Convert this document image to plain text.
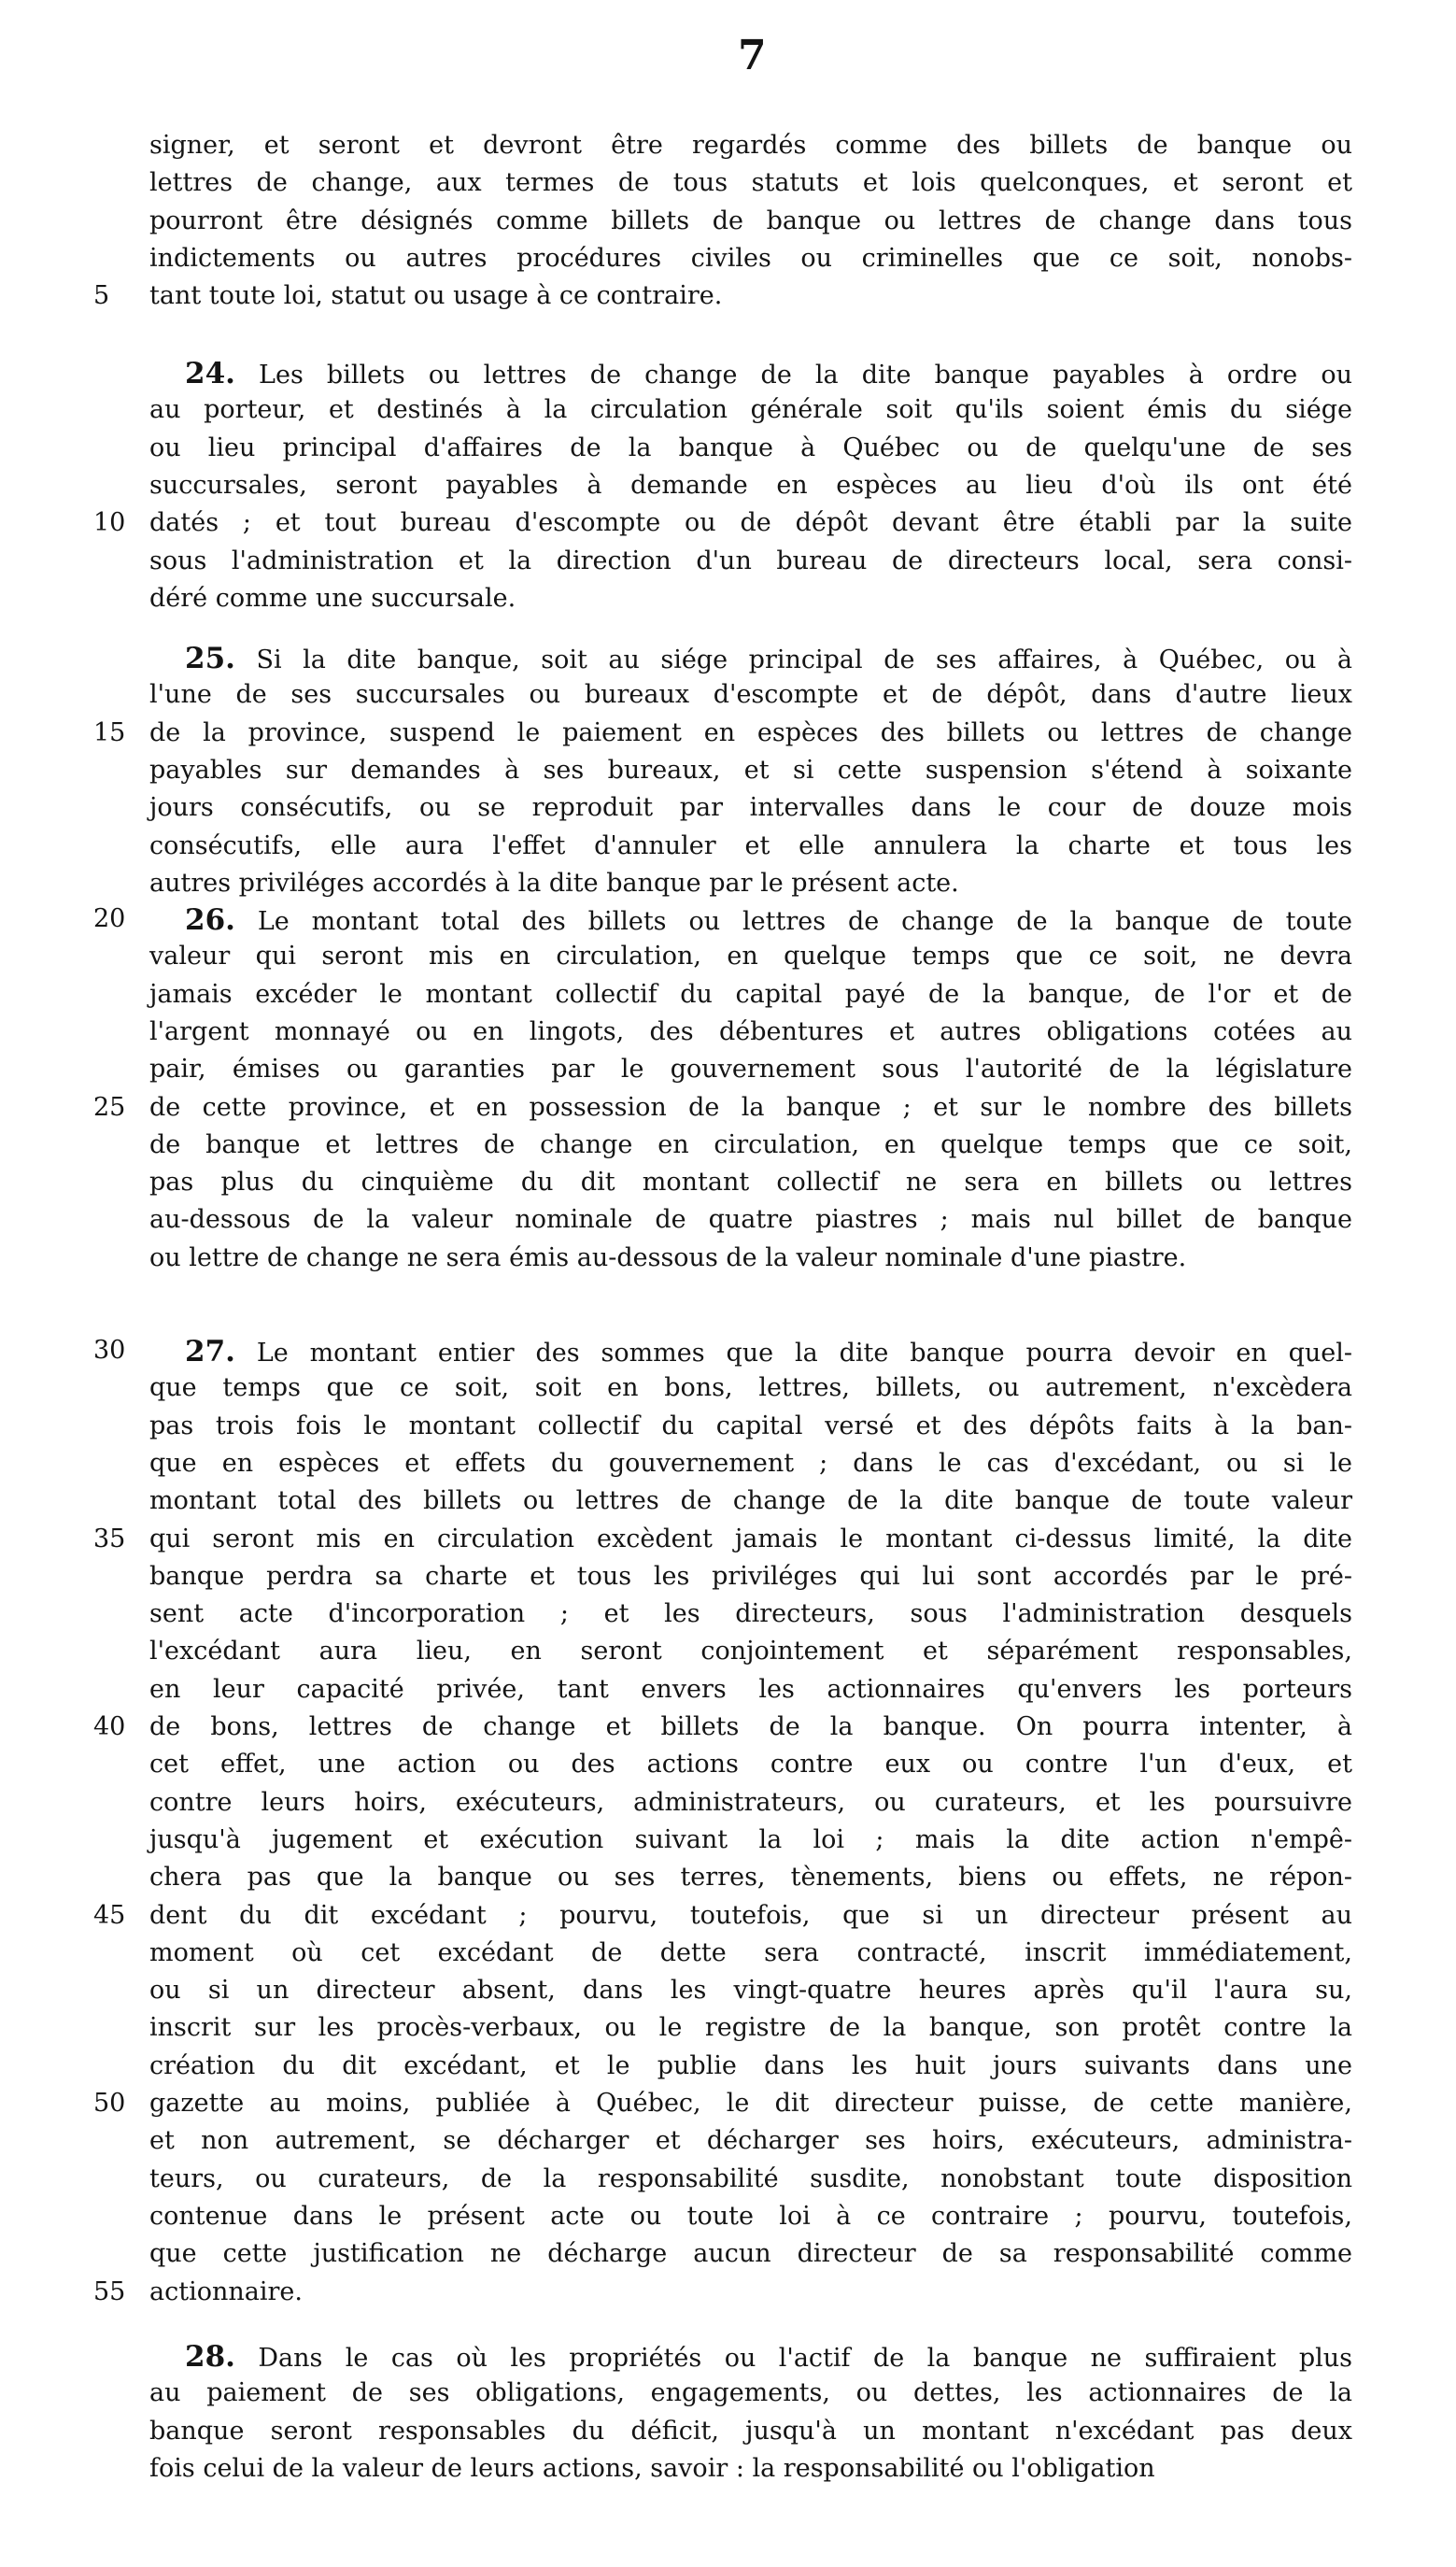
7
signer, et seront et devront être regardés comme des billets de banque ou
lettres de change, aux termes de tous statuts et lois quelconques, et seront et
pourront être désignés comme billets de banque ou lettres de change dans tous
indictements ou autres procédures civiles ou criminelles que ce soit, nonobs-
tant toute loi, statut ou usage à ce contraire.
24. Les billets ou lettres de change de la dite banque payables à ordre ou
au porteur, et destinés à la circulation générale soit qu'ils soient émis du siége
ou lieu principal d'affaires de la banque à Québec ou de quelqu'une de ses
succursales, seront payables à demande en espèces au lieu d'où ils ont été
datés ; et tout bureau d'escompte ou de dépôt devant être établi par la suite
sous l'administration et la direction d'un bureau de directeurs local, sera consi-
déré comme une succursale.
25. Si la dite banque, soit au siége principal de ses affaires, à Québec, ou à
l'une de ses succursales ou bureaux d'escompte et de dépôt, dans d'autre lieux
de la province, suspend le paiement en espèces des billets ou lettres de change
payables sur demandes à ses bureaux, et si cette suspension s'étend à soixante
jours consécutifs, ou se reproduit par intervalles dans le cour de douze mois
consécutifs, elle aura l'effet d'annuler et elle annulera la charte et tous les
autres priviléges accordés à la dite banque par le présent acte.
26. Le montant total des billets ou lettres de change de la banque de toute
valeur qui seront mis en circulation, en quelque temps que ce soit, ne devra
jamais excéder le montant collectif du capital payé de la banque, de l'or et de
l'argent monnayé ou en lingots, des débentures et autres obligations cotées au
pair, émises ou garanties par le gouvernement sous l'autorité de la législature
de cette province, et en possession de la banque ; et sur le nombre des billets
de banque et lettres de change en circulation, en quelque temps que ce soit,
pas plus du cinquième du dit montant collectif ne sera en billets ou lettres
au-dessous de la valeur nominale de quatre piastres ; mais nul billet de banque
ou lettre de change ne sera émis au-dessous de la valeur nominale d'une piastre.
27. Le montant entier des sommes que la dite banque pourra devoir en quel-
que temps que ce soit, soit en bons, lettres, billets, ou autrement, n'excèdera
pas trois fois le montant collectif du capital versé et des dépôts faits à la ban-
que en espèces et effets du gouvernement ; dans le cas d'excédant, ou si le
montant total des billets ou lettres de change de la dite banque de toute valeur
qui seront mis en circulation excèdent jamais le montant ci-dessus limité, la dite
banque perdra sa charte et tous les priviléges qui lui sont accordés par le pré-
sent acte d'incorporation ; et les directeurs, sous l'administration desquels
l'excédant aura lieu, en seront conjointement et séparément responsables,
en leur capacité privée, tant envers les actionnaires qu'envers les porteurs
de bons, lettres de change et billets de la banque. On pourra intenter, à
cet effet, une action ou des actions contre eux ou contre l'un d'eux, et
contre leurs hoirs, exécuteurs, administrateurs, ou curateurs, et les poursuivre
jusqu'à jugement et exécution suivant la loi ; mais la dite action n'empê-
chera pas que la banque ou ses terres, tènements, biens ou effets, ne répon-
dent du dit excédant ; pourvu, toutefois, que si un directeur présent au
moment où cet excédant de dette sera contracté, inscrit immédiatement,
ou si un directeur absent, dans les vingt-quatre heures après qu'il l'aura su,
inscrit sur les procès-verbaux, ou le registre de la banque, son protêt contre la
création du dit excédant, et le publie dans les huit jours suivants dans une
gazette au moins, publiée à Québec, le dit directeur puisse, de cette manière,
et non autrement, se décharger et décharger ses hoirs, exécuteurs, administra-
teurs, ou curateurs, de la responsabilité susdite, nonobstant toute disposition
contenue dans le présent acte ou toute loi à ce contraire ; pourvu, toutefois,
que cette justification ne décharge aucun directeur de sa responsabilité comme
actionnaire.
28. Dans le cas où les propriétés ou l'actif de la banque ne suffiraient plus
au paiement de ses obligations, engagements, ou dettes, les actionnaires de la
banque seront responsables du déficit, jusqu'à un montant n'excédant pas deux
fois celui de la valeur de leurs actions, savoir : la responsabilité ou l'obligation
5
10
15
20
25
30
35
40
45
50
55
